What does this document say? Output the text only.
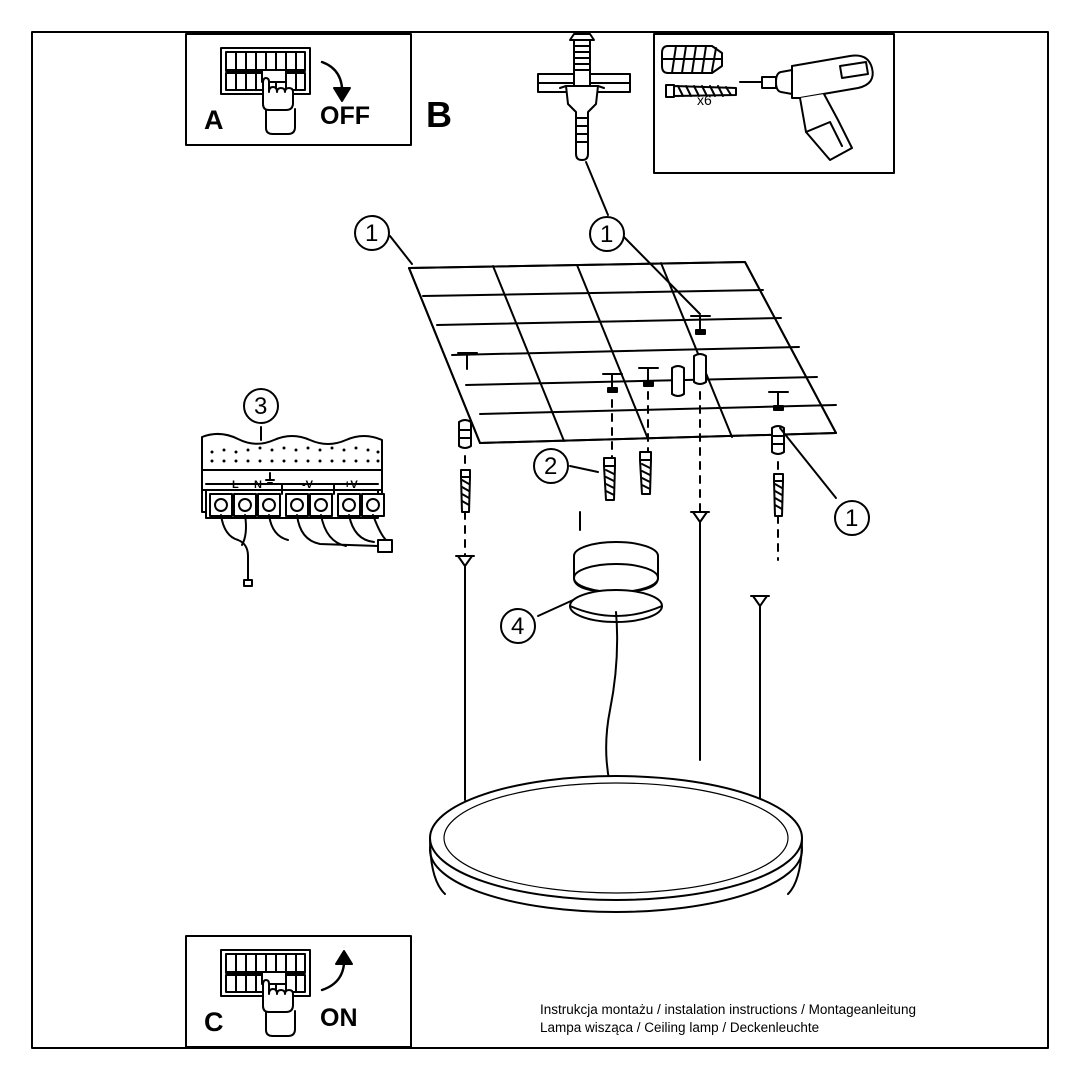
A	OFF B	x6
C	ON
1	1
1
2
3
4
L N	-V	+V
Instrukcja montażu / instalation instructions / Montageanleitung
Lampa wisząca / Ceiling lamp / Deckenleuchte
